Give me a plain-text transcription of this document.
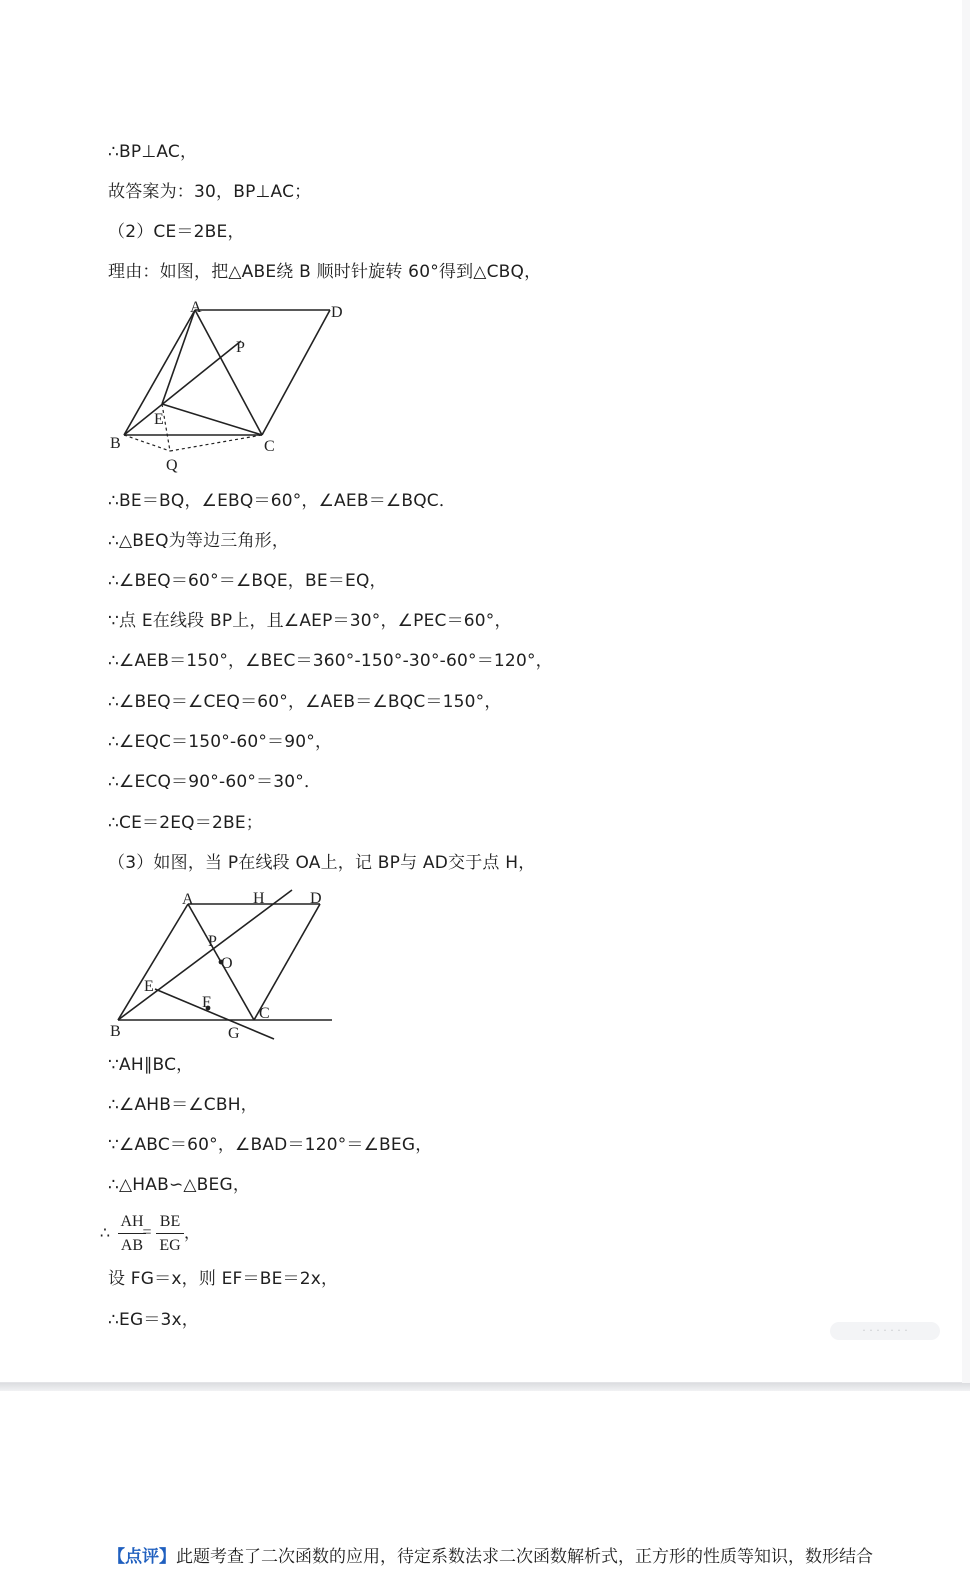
∴BP⊥AC，
故答案为：30，BP⊥AC；
（2）CE＝2BE，
理由：如图，把△ABE绕 B 顺时针旋转 60°得到△CBQ，
A	D
P
E
B	C
Q
∴BE＝BQ，∠EBQ＝60°，∠AEB＝∠BQC．
∴△BEQ为等边三角形，
∴∠BEQ＝60°＝∠BQE，BE＝EQ，
∵点 E在线段 BP上，且∠AEP＝30°，∠PEC＝60°，
∴∠AEB＝150°，∠BEC＝360°-150°-30°-60°＝120°，
∴∠BEQ＝∠CEQ＝60°，∠AEB＝∠BQC＝150°，
∴∠EQC＝150°-60°＝90°，
∴∠ECQ＝90°-60°＝30°．
∴CE＝2EQ＝2BE；
（3）如图，当 P在线段 OA上，记 BP与 AD交于点 H，
A	H	D
P
O
E
F
B
C
G
∵AH∥BC，
∴∠AHB＝∠CBH，
∵∠ABC＝60°，∠BAD＝120°＝∠BEG，
∴△HAB∽△BEG，
∴
AH
AB
=
BE
EG
，
设 FG＝x，则 EF＝BE＝2x，
∴EG＝3x，
· · · · · · ·
【点评】此题考查了二次函数的应用，待定系数法求二次函数解析式，正方形的性质等知识，数形结合
